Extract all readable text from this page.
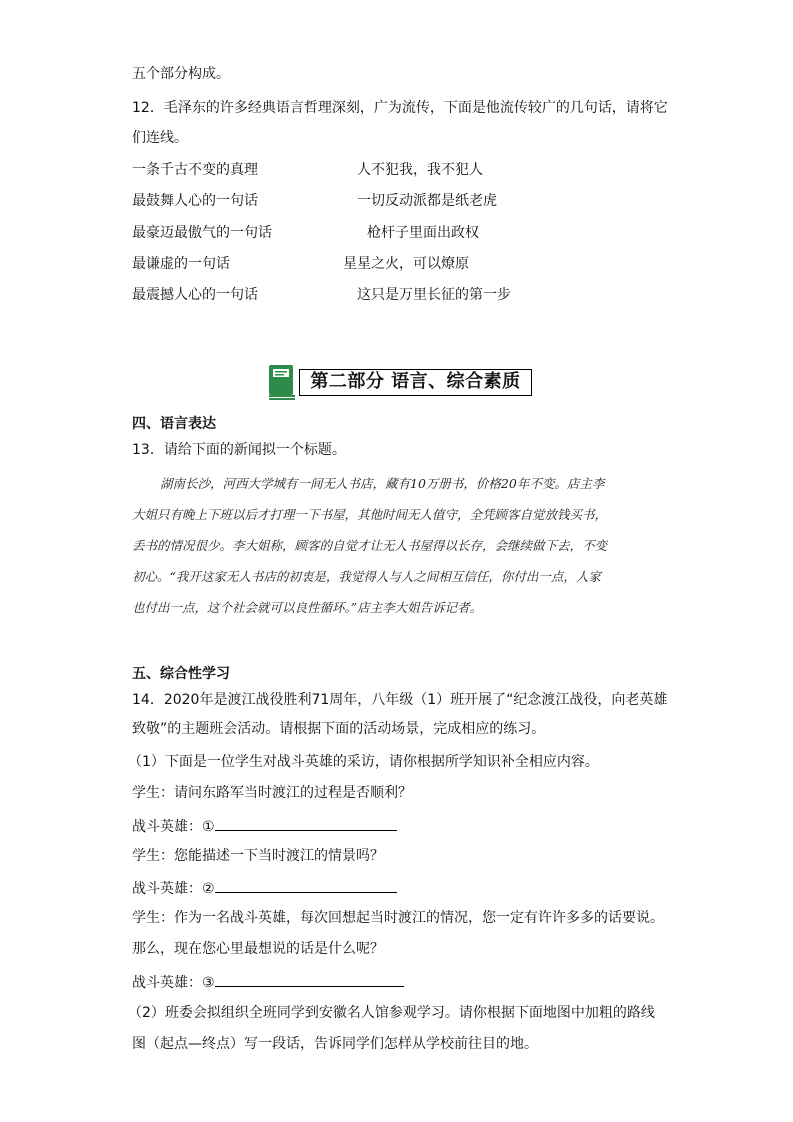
五个部分构成。
12．毛泽东的许多经典语言哲理深刻，广为流传，下面是他流传较广的几句话，请将它
们连线。
一条千古不变的真理	人不犯我，我不犯人
最鼓舞人心的一句话	一切反动派都是纸老虎
最豪迈最傲气的一句话	枪杆子里面出政权
最谦虚的一句话	星星之火，可以燎原
最震撼人心的一句话	这只是万里长征的第一步
第二部分 语言、综合素质
四、语言表达
13．请给下面的新闻拟一个标题。
湖南长沙，河西大学城有一间无人书店，藏有10万册书，价格20年不变。店主李
大姐只有晚上下班以后才打理一下书屋，其他时间无人值守，全凭顾客自觉放钱买书，
丢书的情况很少。李大姐称，顾客的自觉才让无人书屋得以长存，会继续做下去，不变
初心。“我开这家无人书店的初衷是，我觉得人与人之间相互信任，你付出一点，人家
也付出一点，这个社会就可以良性循环。”店主李大姐告诉记者。
五、综合性学习
14．2020年是渡江战役胜利71周年，八年级（1）班开展了“纪念渡江战役，向老英雄
致敬”的主题班会活动。请根据下面的活动场景，完成相应的练习。
（1）下面是一位学生对战斗英雄的采访，请你根据所学知识补全相应内容。
学生：请问东路军当时渡江的过程是否顺利？
战斗英雄：①
学生：您能描述一下当时渡江的情景吗？
战斗英雄：②
学生：作为一名战斗英雄，每次回想起当时渡江的情况，您一定有许许多多的话要说。
那么，现在您心里最想说的话是什么呢？
战斗英雄：③
（2）班委会拟组织全班同学到安徽名人馆参观学习。请你根据下面地图中加粗的路线
图（起点—终点）写一段话，告诉同学们怎样从学校前往目的地。
